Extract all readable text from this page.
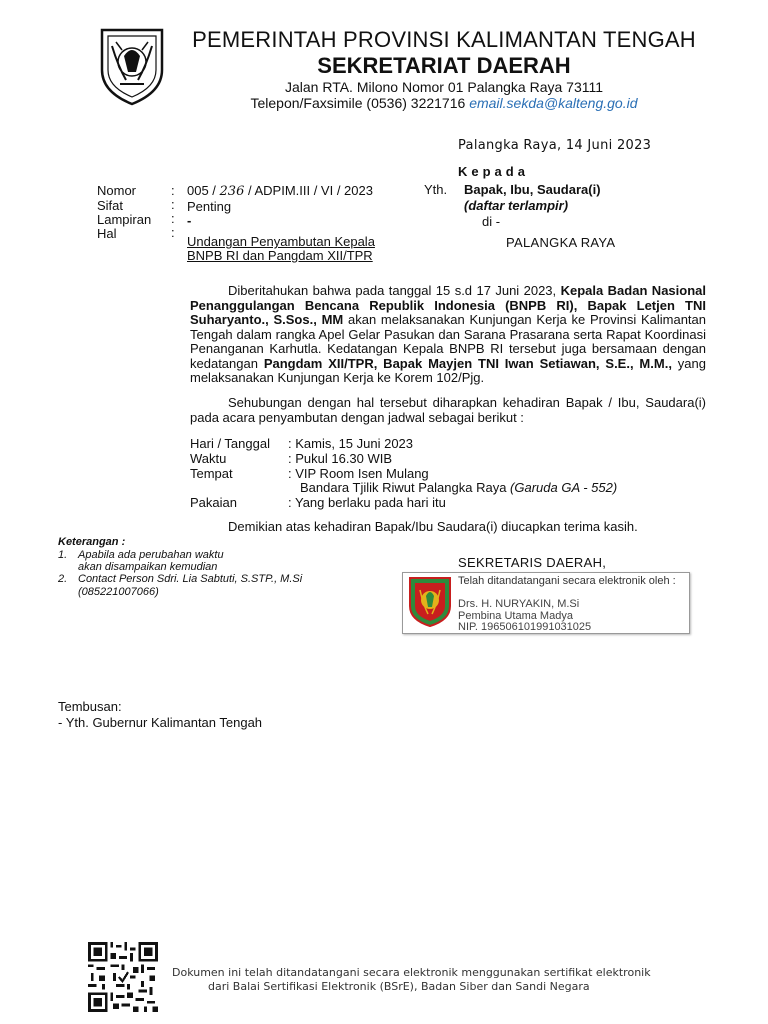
PEMERINTAH PROVINSI KALIMANTAN TENGAH
SEKRETARIAT DAERAH
Jalan RTA. Milono Nomor 01 Palangka Raya 73111
Telepon/Faxsimile (0536) 3221716 email.sekda@kalteng.go.id
Palangka Raya, 14 Juni 2023
Kepada
Yth. Bapak, Ibu, Saudara(i)
(daftar terlampir)
di -
PALANGKA RAYA
Nomor	: 005 / 236 / ADPIM.III / VI / 2023
Sifat	: Penting
Lampiran : -
Hal	:
Undangan Penyambutan Kepala
BNPB RI dan Pangdam XII/TPR

Diberitahukan bahwa pada tanggal 15 s.d 17 Juni 2023, Kepala Badan Nasional Penanggulangan Bencana Republik Indonesia (BNPB RI), Bapak Letjen TNI Suharyanto., S.Sos., MM akan melaksanakan Kunjungan Kerja ke Provinsi Kalimantan Tengah dalam rangka Apel Gelar Pasukan dan Sarana Prasarana serta Rapat Koordinasi Penanganan Karhutla. Kedatangan Kepala BNPB RI tersebut juga bersamaan dengan kedatangan Pangdam XII/TPR, Bapak Mayjen TNI Iwan Setiawan, S.E., M.M., yang melaksanakan Kunjungan Kerja ke Korem 102/Pjg.

Sehubungan dengan hal tersebut diharapkan kehadiran Bapak / Ibu, Saudara(i) pada acara penyambutan dengan jadwal sebagai berikut :

Hari / Tanggal : Kamis, 15 Juni 2023
Waktu	: Pukul 16.30 WIB
Tempat	: VIP Room Isen Mulang
Bandara Tjilik Riwut Palangka Raya (Garuda GA - 552)
Pakaian	: Yang berlaku pada hari itu
Demikian atas kehadiran Bapak/Ibu Saudara(i) diucapkan terima kasih.
Keterangan :
1. Apabila ada perubahan waktu
akan disampaikan kemudian
2. Contact Person Sdri. Lia Sabtuti, S.STP., M.Si
(085221007066)
SEKRETARIS DAERAH,
Telah ditandatangani secara elektronik oleh :
Drs. H. NURYAKIN, M.Si
Pembina Utama Madya
NIP. 196506101991031025
Tembusan:
- Yth. Gubernur Kalimantan Tengah
Dokumen ini telah ditandatangani secara elektronik menggunakan sertifikat elektronik
dari Balai Sertifikasi Elektronik (BSrE), Badan Siber dan Sandi Negara
